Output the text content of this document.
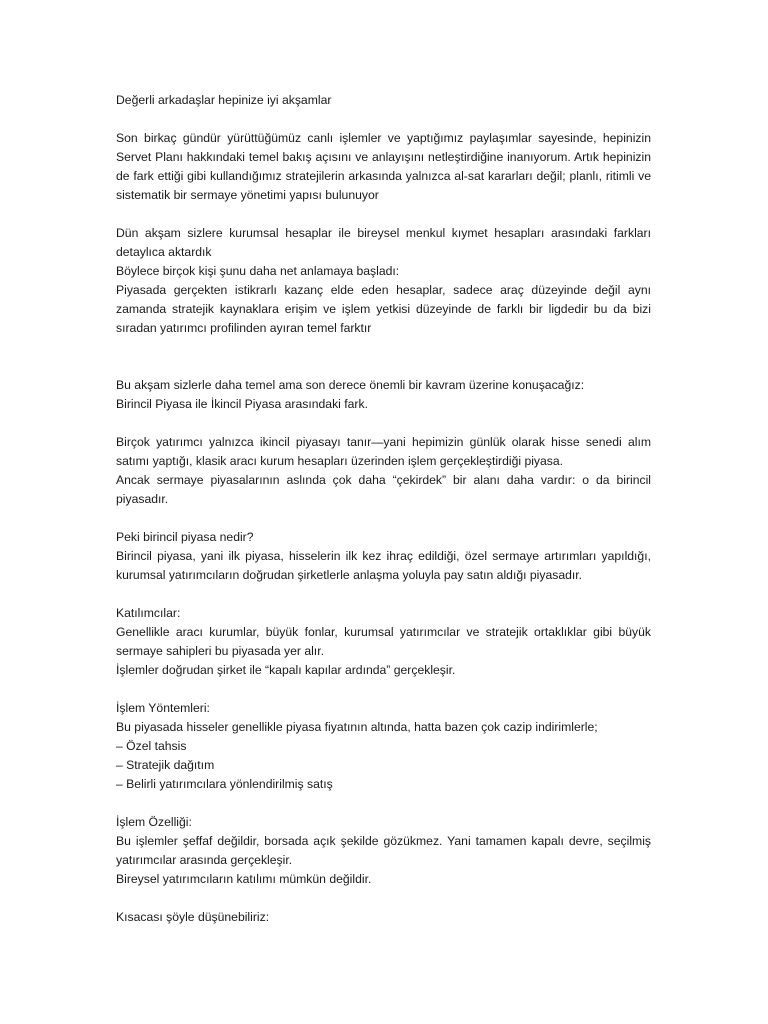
Değerli arkadaşlar hepinize iyi akşamlar

Son birkaç gündür yürüttüğümüz canlı işlemler ve yaptığımız paylaşımlar sayesinde, hepinizin Servet Planı hakkındaki temel bakış açısını ve anlayışını netleştirdiğine inanıyorum. Artık hepinizin de fark ettiği gibi kullandığımız stratejilerin arkasında yalnızca al-sat kararları değil; planlı, ritimli ve sistematik bir sermaye yönetimi yapısı bulunuyor

Dün akşam sizlere kurumsal hesaplar ile bireysel menkul kıymet hesapları arasındaki farkları detaylıca aktardık

Böylece birçok kişi şunu daha net anlamaya başladı:

Piyasada gerçekten istikrarlı kazanç elde eden hesaplar, sadece araç düzeyinde değil aynı zamanda stratejik kaynaklara erişim ve işlem yetkisi düzeyinde de farklı bir ligdedir bu da bizi sıradan yatırımcı profilinden ayıran temel farktır

Bu akşam sizlerle daha temel ama son derece önemli bir kavram üzerine konuşacağız:

Birincil Piyasa ile İkincil Piyasa arasındaki fark.

Birçok yatırımcı yalnızca ikincil piyasayı tanır—yani hepimizin günlük olarak hisse senedi alım satımı yaptığı, klasik aracı kurum hesapları üzerinden işlem gerçekleştirdiği piyasa.

Ancak sermaye piyasalarının aslında çok daha “çekirdek” bir alanı daha vardır: o da birincil piyasadır.

Peki birincil piyasa nedir?

Birincil piyasa, yani ilk piyasa, hisselerin ilk kez ihraç edildiği, özel sermaye artırımları yapıldığı, kurumsal yatırımcıların doğrudan şirketlerle anlaşma yoluyla pay satın aldığı piyasadır.

Katılımcılar:

Genellikle aracı kurumlar, büyük fonlar, kurumsal yatırımcılar ve stratejik ortaklıklar gibi büyük sermaye sahipleri bu piyasada yer alır.

İşlemler doğrudan şirket ile “kapalı kapılar ardında” gerçekleşir.

İşlem Yöntemleri:

Bu piyasada hisseler genellikle piyasa fiyatının altında, hatta bazen çok cazip indirimlerle;

– Özel tahsis

– Stratejik dağıtım

– Belirli yatırımcılara yönlendirilmiş satış

İşlem Özelliği:

Bu işlemler şeffaf değildir, borsada açık şekilde gözükmez. Yani tamamen kapalı devre, seçilmiş yatırımcılar arasında gerçekleşir.

Bireysel yatırımcıların katılımı mümkün değildir.

Kısacası şöyle düşünebiliriz:
